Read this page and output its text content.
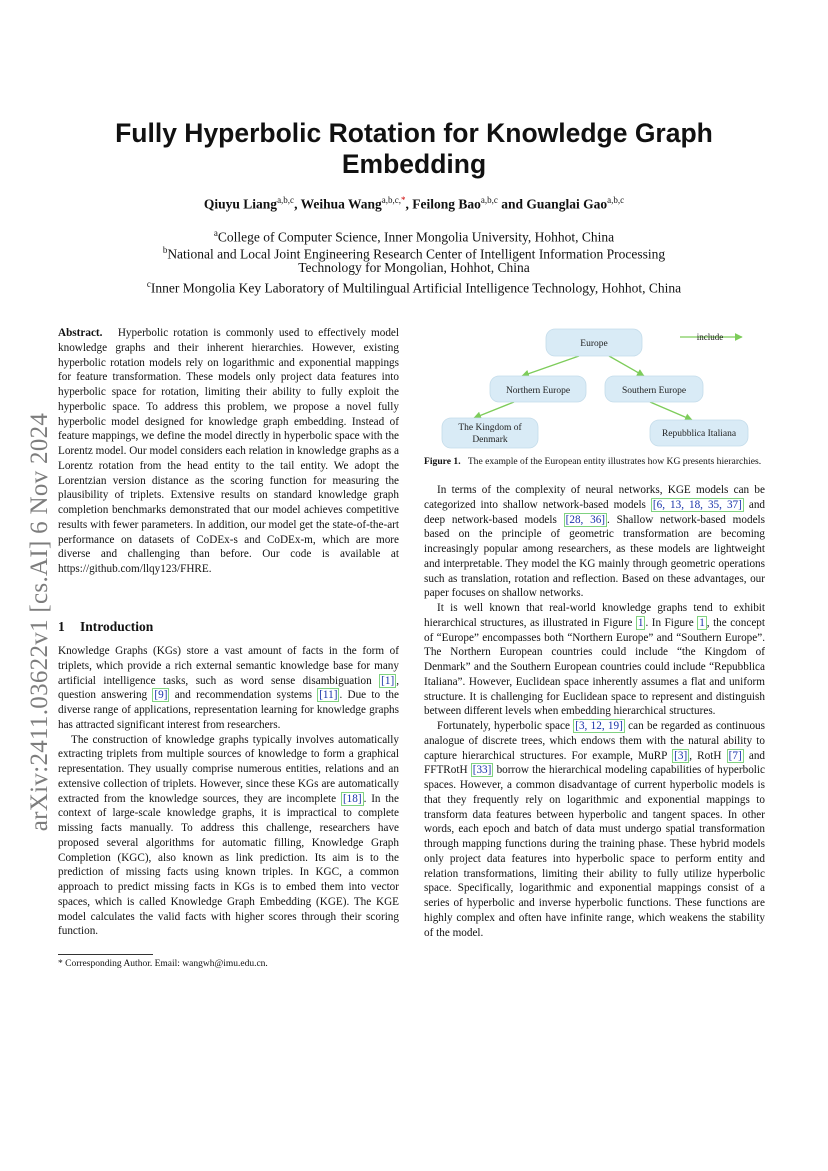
arXiv:2411.03622v1 [cs.AI] 6 Nov 2024
Fully Hyperbolic Rotation for Knowledge Graph
Embedding
Qiuyu Liang$^{a,b,c}$, Weihua Wang$^{a,b,c,*}$, Feilong Bao$^{a,b,c}$ and Guanglai Gao$^{a,b,c}$
$^a$College of Computer Science, Inner Mongolia University, Hohhot, China
$^b$National and Local Joint Engineering Research Center of Intelligent Information Processing
Technology for Mongolian, Hohhot, China
$^c$Inner Mongolia Key Laboratory of Multilingual Artificial Intelligence Technology, Hohhot, China

Abstract. Hyperbolic rotation is commonly used to effectively model knowledge graphs and their inherent hierarchies. However, existing hyperbolic rotation models rely on logarithmic and exponential mappings for feature transformation. These models only project data features into hyperbolic space for rotation, limiting their ability to fully exploit the hyperbolic space. To address this problem, we propose a novel fully hyperbolic model designed for knowledge graph embedding. Instead of feature mappings, we define the model directly in hyperbolic space with the Lorentz model. Our model considers each relation in knowledge graphs as a Lorentz rotation from the head entity to the tail entity. We adopt the Lorentzian version distance as the scoring function for measuring the plausibility of triplets. Extensive results on standard knowledge graph completion benchmarks demonstrated that our model achieves competitive results with fewer parameters. In addition, our model get the state-of-the-art performance on datasets of CoDEx-s and CoDEx-m, which are more diverse and challenging than before. Our code is available at https://github.com/llqy123/FHRE.

1 Introduction

Knowledge Graphs (KGs) store a vast amount of facts in the form of triplets, which provide a rich external semantic knowledge base for many artificial intelligence tasks, such as word sense disambiguation [1] , question answering [9] and recommendation systems [11] . Due to the diverse range of applications, representation learning for knowledge graphs has attracted significant interest from researchers.

The construction of knowledge graphs typically involves automatically extracting triplets from multiple sources of knowledge to form a graphical representation. They usually comprise numerous entities, relations and an extensive collection of triplets. However, since these KGs are automatically extracted from the knowledge sources, they are incomplete [18] . In the context of large-scale knowledge graphs, it is impractical to complete missing facts manually. To address this challenge, researchers have proposed several algorithms for automatic filling, Knowledge Graph Completion (KGC), also known as link prediction. Its aim is to the prediction of missing facts using known triples. In KGC, a common approach to predict missing facts in KGs is to embed them into vector spaces, which is called Knowledge Graph Embedding (KGE). The KGE model calculates the valid facts with higher scores through their scoring function.

* Corresponding Author. Email: wangwh@imu.edu.cn.
Europe
Northern Europe	Southern Europe
The Kingdom of
Denmark
Repubblica Italiana
include
Figure 1. The example of the European entity illustrates how KG presents hierarchies.

In terms of the complexity of neural networks, KGE models can be categorized into shallow network-based models [6, 13, 18, 35, 37] and deep network-based models [28, 36] . Shallow network-based models based on the principle of geometric transformation are becoming increasingly popular among researchers, as these models are lightweight and interpretable. They model the KG mainly through geometric operations such as translation, rotation and reflection. Based on these advantages, our paper focuses on shallow networks.

It is well known that real-world knowledge graphs tend to exhibit hierarchical structures, as illustrated in Figure 1 . In Figure 1 , the concept of “Europe” encompasses both “Northern Europe” and “Southern Europe”. The Northern European countries could include “the Kingdom of Denmark” and the Southern European countries could include “Repubblica Italiana”. However, Euclidean space inherently assumes a flat and uniform structure. It is challenging for Euclidean space to represent and distinguish between different levels when embedding hierarchical structures.

Fortunately, hyperbolic space [3, 12, 19] can be regarded as continuous analogue of discrete trees, which endows them with the natural ability to capture hierarchical structures. For example, MuRP [3] , RotH [7] and FFTRotH [33] borrow the hierarchical modeling capabilities of hyperbolic spaces. However, a common disadvantage of current hyperbolic models is that they frequently rely on logarithmic and exponential mappings to transform data features between hyperbolic and tangent spaces. In other words, each epoch and batch of data must undergo spatial transformation through mapping functions during the training phase. These hybrid models only project data features into hyperbolic space to perform entity and relation transformations, limiting their ability to fully utilize hyperbolic space. Specifically, logarithmic and exponential mappings consist of a series of hyperbolic and inverse hyperbolic functions. These functions are highly complex and often have infinite range, which weakens the stability of the model.
